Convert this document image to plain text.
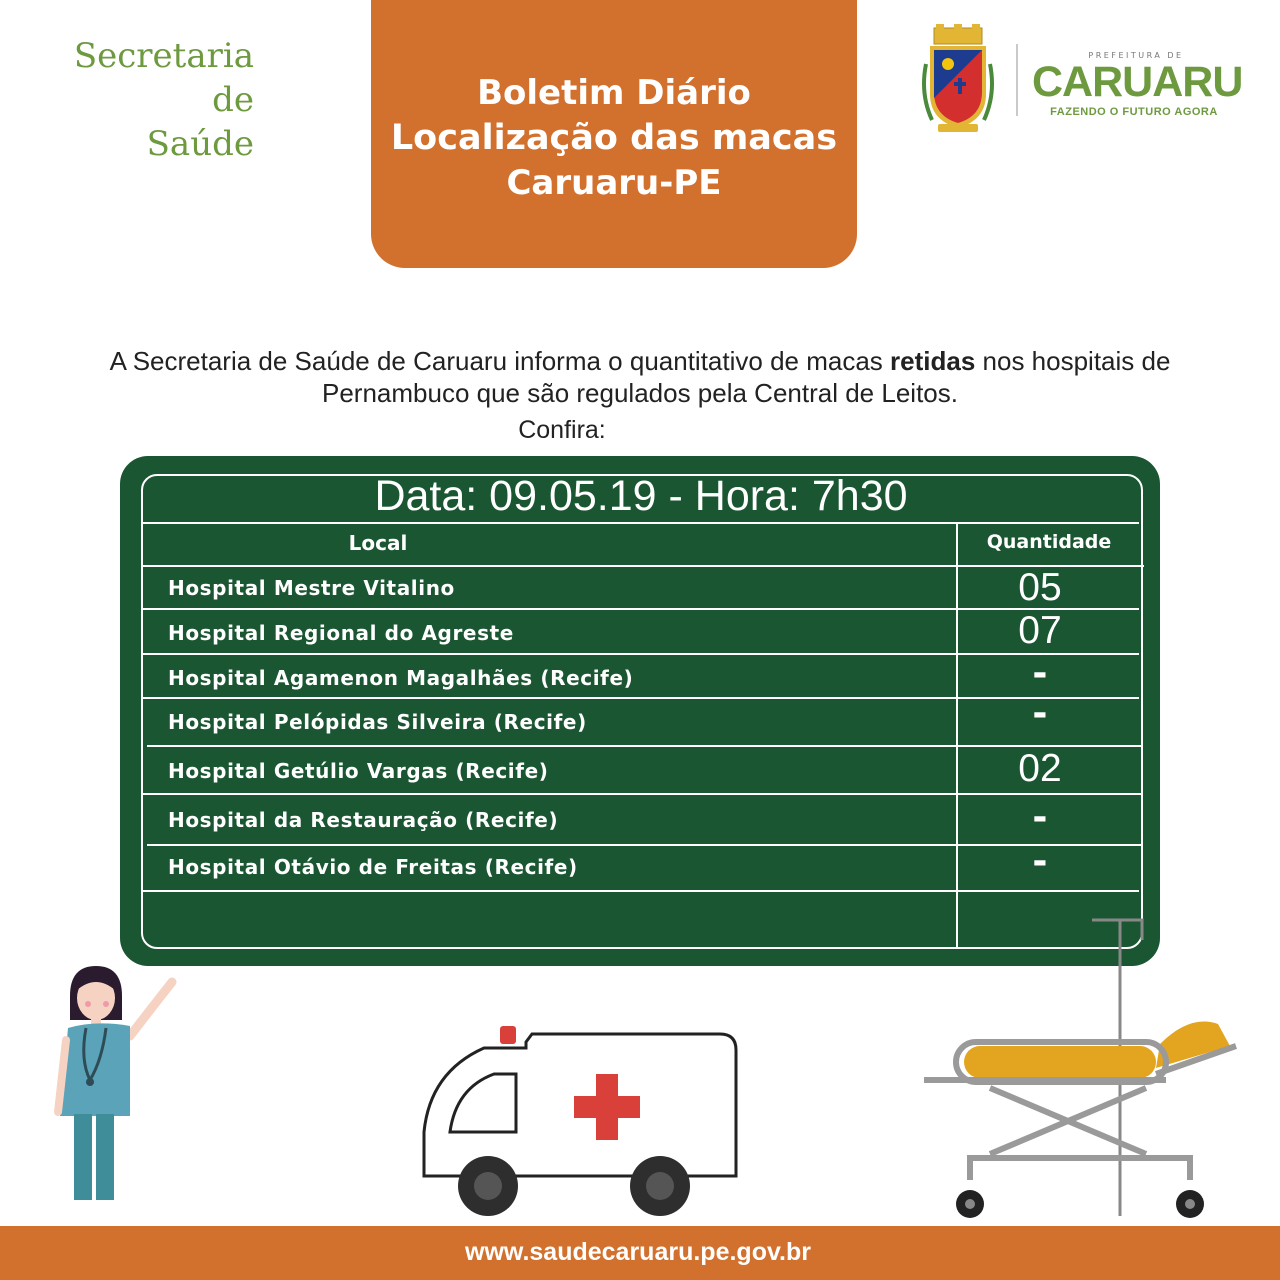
Secretaria de
Saúde
Boletim Diário
Localização das macas
Caruaru-PE
PREFEITURA DE
CARUARU
FAZENDO O FUTURO AGORA
A Secretaria de Saúde de Caruaru informa o quantitativo de macas retidas nos hospitais de
Pernambuco que são regulados pela Central de Leitos.
Confira:
Data: 09.05.19 - Hora: 7h30
Local	Quantidade
Hospital Mestre Vitalino	05
Hospital Regional do Agreste	07
Hospital Agamenon Magalhães (Recife)	-
Hospital Pelópidas Silveira (Recife)	-
Hospital Getúlio Vargas (Recife)	02
Hospital da Restauração (Recife)	-
Hospital Otávio de Freitas (Recife)	-
www.saudecaruaru.pe.gov.br
